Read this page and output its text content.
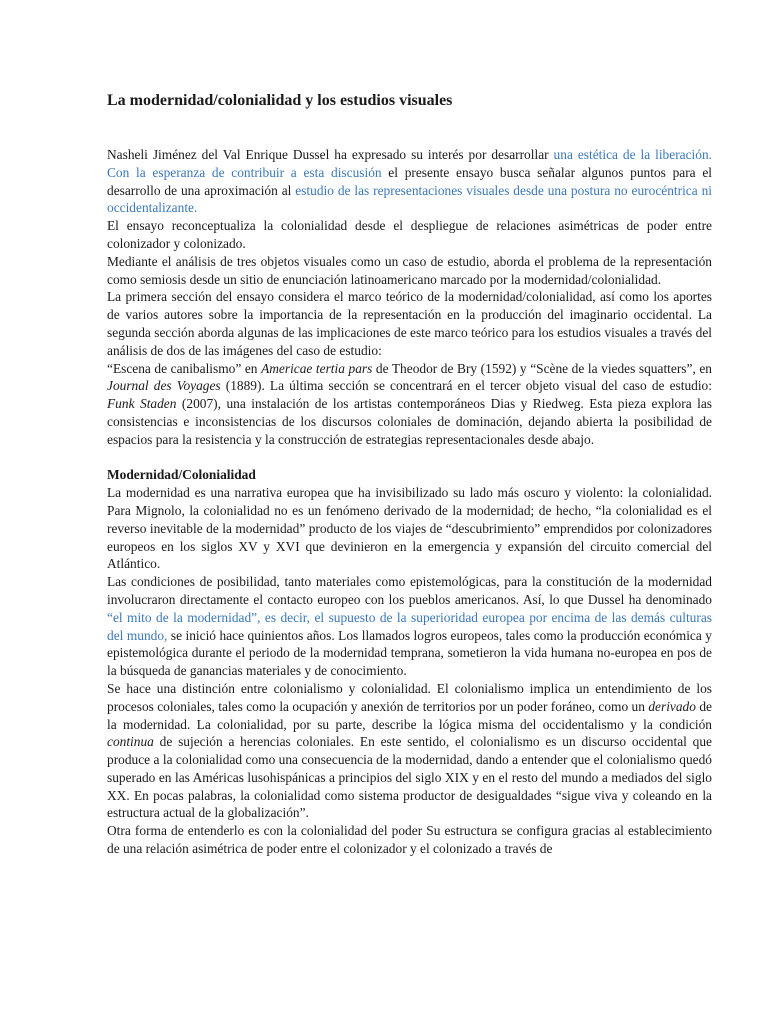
La modernidad/colonialidad y los estudios visuales

Nasheli Jiménez del Val Enrique Dussel ha expresado su interés por desarrollar una estética de la liberación. Con la esperanza de contribuir a esta discusión el presente ensayo busca señalar algunos puntos para el desarrollo de una aproximación al estudio de las representaciones visuales desde una postura no eurocéntrica ni occidentalizante.

El ensayo reconceptualiza la colonialidad desde el despliegue de relaciones asimétricas de poder entre colonizador y colonizado.

Mediante el análisis de tres objetos visuales como un caso de estudio, aborda el problema de la representación como semiosis desde un sitio de enunciación latinoamericano marcado por la modernidad/colonialidad.

La primera sección del ensayo considera el marco teórico de la modernidad/colonialidad, así como los aportes de varios autores sobre la importancia de la representación en la producción del imaginario occidental. La segunda sección aborda algunas de las implicaciones de este marco teórico para los estudios visuales a través del análisis de dos de las imágenes del caso de estudio:

“Escena de canibalismo” en Americae tertia pars de Theodor de Bry (1592) y “Scène de la viedes squatters”, en Journal des Voyages (1889). La última sección se concentrará en el tercer objeto visual del caso de estudio: Funk Staden (2007), una instalación de los artistas contemporáneos Dias y Riedweg. Esta pieza explora las consistencias e inconsistencias de los discursos coloniales de dominación, dejando abierta la posibilidad de espacios para la resistencia y la construcción de estrategias representacionales desde abajo.

Modernidad/Colonialidad

La modernidad es una narrativa europea que ha invisibilizado su lado más oscuro y violento: la colonialidad. Para Mignolo, la colonialidad no es un fenómeno derivado de la modernidad; de hecho, “la colonialidad es el reverso inevitable de la modernidad” producto de los viajes de “descubrimiento” emprendidos por colonizadores europeos en los siglos XV y XVI que devinieron en la emergencia y expansión del circuito comercial del Atlántico.

Las condiciones de posibilidad, tanto materiales como epistemológicas, para la constitución de la modernidad involucraron directamente el contacto europeo con los pueblos americanos. Así, lo que Dussel ha denominado “el mito de la modernidad”, es decir, el supuesto de la superioridad europea por encima de las demás culturas del mundo, se inició hace quinientos años. Los llamados logros europeos, tales como la producción económica y epistemológica durante el periodo de la modernidad temprana, sometieron la vida humana no-europea en pos de la búsqueda de ganancias materiales y de conocimiento.

Se hace una distinción entre colonialismo y colonialidad. El colonialismo implica un entendimiento de los procesos coloniales, tales como la ocupación y anexión de territorios por un poder foráneo, como un derivado de la modernidad. La colonialidad, por su parte, describe la lógica misma del occidentalismo y la condición continua de sujeción a herencias coloniales. En este sentido, el colonialismo es un discurso occidental que produce a la colonialidad como una consecuencia de la modernidad, dando a entender que el colonialismo quedó superado en las Américas lusohispánicas a principios del siglo XIX y en el resto del mundo a mediados del siglo XX. En pocas palabras, la colonialidad como sistema productor de desigualdades “sigue viva y coleando en la estructura actual de la globalización”.

Otra forma de entenderlo es con la colonialidad del poder Su estructura se configura gracias al establecimiento de una relación asimétrica de poder entre el colonizador y el colonizado a través de
